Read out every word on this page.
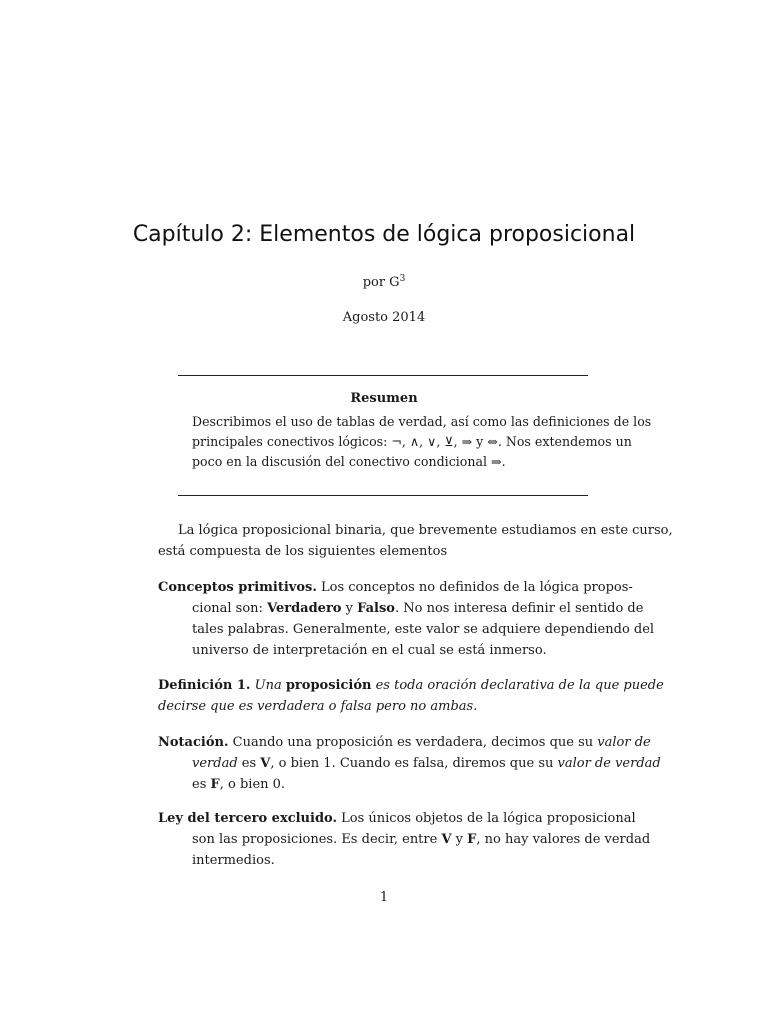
Capítulo 2: Elementos de lógica proposicional
por $G^3$
Agosto 2014
Resumen
Describimos el uso de tablas de verdad, así como las definiciones de los
principales conectivos lógicos: ¬, ∧, ∨, ⊻, ⇒ y ⇔. Nos extendemos un
poco en la discusión del conectivo condicional ⇒.
La lógica proposicional binaria, que brevemente estudiamos en este curso,
está compuesta de los siguientes elementos
Conceptos primitivos. Los conceptos no definidos de la lógica propos-
cional son: Verdadero y Falso. No nos interesa definir el sentido de
tales palabras. Generalmente, este valor se adquiere dependiendo del
universo de interpretación en el cual se está inmerso.
Definición 1. Una proposición es toda oración declarativa de la que puede
decirse que es verdadera o falsa pero no ambas.
Notación. Cuando una proposición es verdadera, decimos que su valor de
verdad es V, o bien 1. Cuando es falsa, diremos que su valor de verdad
es F, o bien 0.
Ley del tercero excluido. Los únicos objetos de la lógica proposicional
son las proposiciones. Es decir, entre V y F, no hay valores de verdad
intermedios.
1
